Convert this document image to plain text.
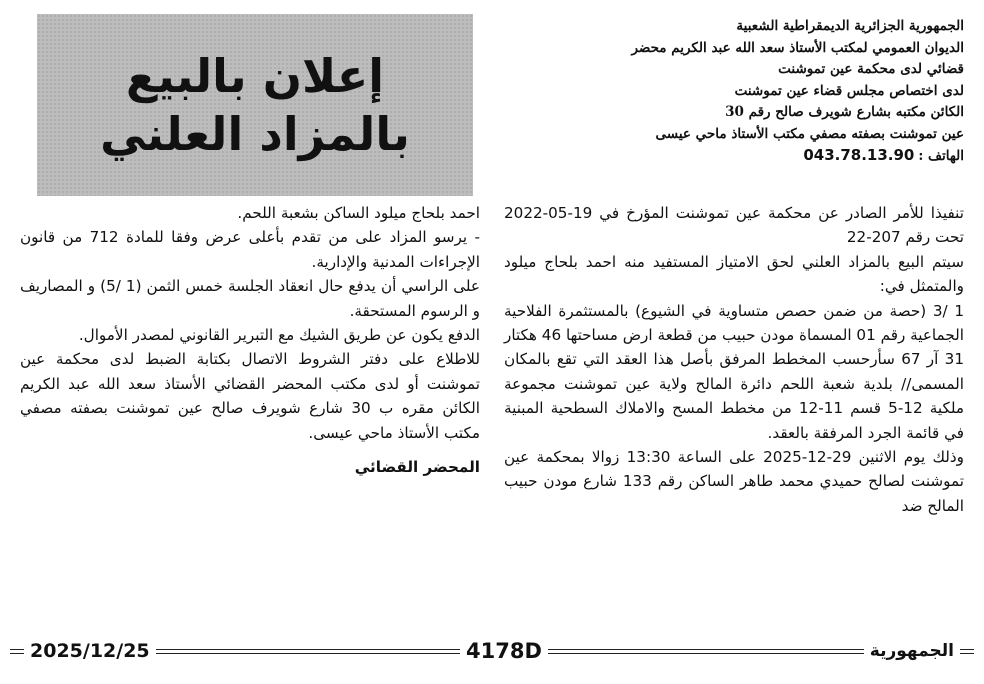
إعلان بالبيع
بالمزاد العلني
الجمهورية الجزائرية الديمقراطية الشعبية
الديوان العمومي لمكتب الأستاذ سعد الله عبد الكريم محضر
قضائي لدى محكمة عين تموشنت
لدى اختصاص مجلس قضاء عين تموشنت
الكائن مكتبه بشارع شويرف صالح رقم 30
عين تموشنت بصفته مصفي مكتب الأستاذ ماحي عيسى
الهاتف :043.78.13.90

تنفيذا للأمر الصادر عن محكمة عين تموشنت المؤرخ في 19-05-2022 تحت رقم 207-22

سيتم البيع بالمزاد العلني لحق الامتياز المستفيد منه احمد بلحاج ميلود والمتمثل في:

1 /3 (حصة من ضمن حصص متساوية في الشيوع) بالمستثمرة الفلاحية الجماعية رقم 01 المسماة مودن حبيب من قطعة ارض مساحتها 46 هكتار 31 آر 67 سأرحسب المخطط المرفق بأصل هذا العقد التي تقع بالمكان المسمى// بلدية شعبة اللحم دائرة المالح ولاية عين تموشنت مجموعة ملكية 12-5 قسم 11-12 من مخطط المسح والاملاك السطحية المبنية في قائمة الجرد المرفقة بالعقد.

وذلك يوم الاثنين 29-12-2025 على الساعة 13:30 زوالا بمحكمة عين تموشنت لصالح حميدي محمد طاهر الساكن رقم 133 شارع مودن حبيب المالح ضد

احمد بلحاج ميلود الساكن بشعبة اللحم.

- يرسو المزاد على من تقدم بأعلى عرض وفقا للمادة 712 من قانون الإجراءات المدنية والإدارية.

على الراسي أن يدفع حال انعقاد الجلسة خمس الثمن (1 /5) و المصاريف و الرسوم المستحقة.

الدفع يكون عن طريق الشيك مع التبرير القانوني لمصدر الأموال.

للاطلاع على دفتر الشروط الاتصال بكتابة الضبط لدى محكمة عين تموشنت أو لدى مكتب المحضر القضائي الأستاذ سعد الله عبد الكريم الكائن مقره ب 30 شارع شويرف صالح عين تموشنت بصفته مصفي مكتب الأستاذ ماحي عيسى.

المحضر القضائي

2025/12/25	4178D	الجمهورية
